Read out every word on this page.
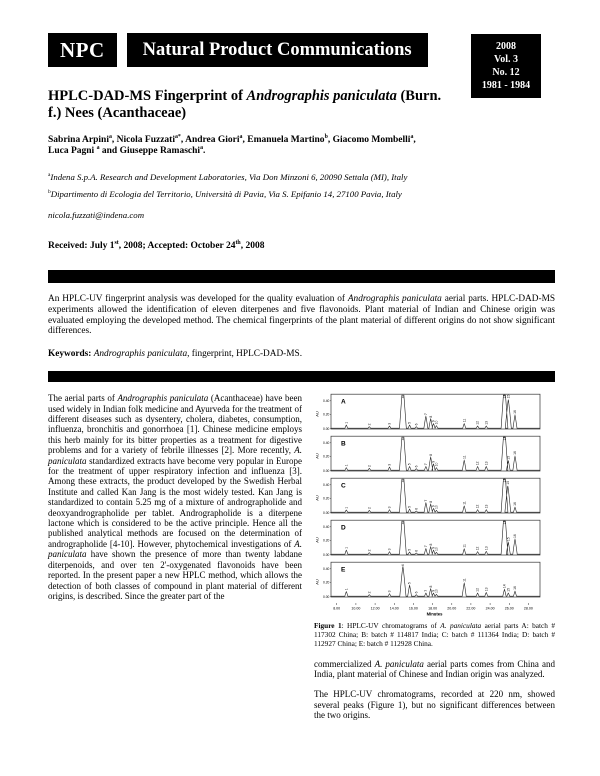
NPC Natural Product Communications	2008
Vol. 3
No. 12
1981 - 1984
HPLC-DAD-MS Fingerprint of Andrographis paniculata (Burn. f.) Nees (Acanthaceae)

Sabrina Arpini$^a$, Nicola Fuzzati$^{a*}$, Andrea Giori$^a$, Emanuela Martino$^b$, Giacomo Mombelli$^a$,
Luca Pagni $^a$ and Giuseppe Ramaschi$^a$.

$^a$Indena S.p.A. Research and Development Laboratories, Via Don Minzoni 6, 20090 Settala (MI), Italy

$^b$Dipartimento di Ecologia del Territorio, Università di Pavia, Via S. Epifanio 14, 27100 Pavia, Italy

nicola.fuzzati@indena.com

Received: July 1st, 2008; Accepted: October 24th, 2008

An HPLC-UV fingerprint analysis was developed for the quality evaluation of Andrographis paniculata aerial parts. HPLC-DAD-MS experiments allowed the identification of eleven diterpenes and five flavonoids. Plant material of Indian and Chinese origin was evaluated employing the developed method. The chemical fingerprints of the plant material of different origins do not show significant differences.

Keywords: Andrographis paniculata, fingerprint, HPLC-DAD-MS.

The aerial parts of Andrographis paniculata (Acanthaceae) have been used widely in Indian folk medicine and Ayurveda for the treatment of different diseases such as dysentery, cholera, diabetes, consumption, influenza, bronchitis and gonorrhoea [1]. Chinese medicine employs this herb mainly for its bitter properties as a treatment for digestive problems and for a variety of febrile illnesses [2]. More recently, A. paniculata standardized extracts have become very popular in Europe for the treatment of upper respiratory infection and influenza [3]. Among these extracts, the product developed by the Swedish Herbal Institute and called Kan Jang is the most widely tested. Kan Jang is standardized to contain 5.25 mg of a mixture of andrographolide and deoxyandrographolide per tablet. Andrographolide is a diterpene lactone which is considered to be the active principle. Hence all the published analytical methods are focused on the determination of andrographolide [4-10]. However, phytochemical investigations of A. paniculata have shown the presence of more than twenty labdane diterpenoids, and over ten 2'-oxygenated flavonoids have been reported. In the present paper a new HPLC method, which allows the detection of both classes of compound in plant material of different origins, is described. Since the greater part of the

1
2	3
4
5
6
7
8
9
10
11
12 13
14 15
16
A
0.40
0.20
0.00
AU
1	2
3
4
5
6
7
8
9
10
11
12 13
14
15
16
B
0.40
0.20
0.00
AU
1	2	3
4
5
6
7
8
9
10
11
12 13
14
15
16
C
0.40
0.20
0.00
AU
1
2
3
4
5
6
7
8
9
10
11
12 13
14
15
16
D
0.40
0.20
0.00
AU
1
2
3
4
5
6
7
8
9
10
11
12 13
14
15
16
E
0.40
0.20
0.00
AU
8.00	10.00	12.00	14.00	16.00	18.00	20.00	22.00	24.00	26.00	28.00
Minutes

Figure 1: HPLC-UV chromatograms of A. paniculata aerial parts A: batch # 117302 China; B: batch # 114817 India; C: batch # 111364 India; D: batch # 112927 China; E: batch # 112928 China.

commercialized A. paniculata aerial parts comes from China and India, plant material of Chinese and Indian origin was analyzed.

The HPLC-UV chromatograms, recorded at 220 nm, showed several peaks (Figure 1), but no significant differences between the two origins.
